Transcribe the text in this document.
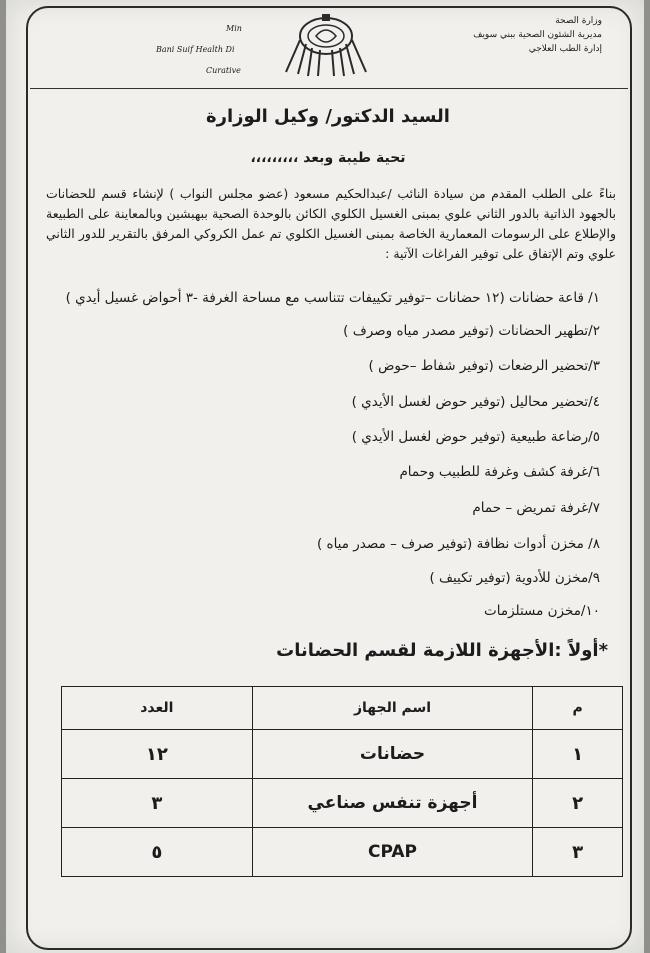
وزارة الصحة
مديرية الشئون الصحية ببني سويف
إدارة الطب العلاجي
Min
Bani Suif Health Di
Curative
السيد الدكتور/ وكيل الوزارة
تحية طيبة وبعد ،،،،،،،،،
بناءً على الطلب المقدم من سيادة النائب /عبدالحكيم مسعود (عضو مجلس النواب ) لإنشاء قسم للحضانات بالجهود الذاتية بالدور الثاني علوي بمبنى الغسيل الكلوي الكائن بالوحدة الصحية ببهبشين وبالمعاينة على الطبيعة والإطلاع على الرسومات المعمارية الخاصة بمبنى الغسيل الكلوي تم عمل الكروكي المرفق بالتقرير للدور الثاني علوي وتم الإتفاق على توفير الفراغات الآتية :
١/ قاعة حضانات (١٢ حضانات –توفير تكييفات تتناسب مع مساحة الغرفة -٣ أحواض غسيل أيدي )
٢/تطهير الحضانات (توفير مصدر مياه وصرف )
٣/تحضير الرضعات (توفير شفاط –حوض )
٤/تحضير محاليل (توفير حوض لغسل الأيدي )
٥/رضاعة طبيعية (توفير حوض لغسل الأيدي )
٦/غرفة كشف وغرفة للطبيب وحمام
٧/غرفة تمريض – حمام
٨/ مخزن أدوات نظافة (توفير صرف – مصدر مياه )
٩/مخزن للأدوية (توفير تكييف )
١٠/مخزن مستلزمات
*أولاً :الأجهزة اللازمة لقسم الحضانات
م	اسم الجهاز	العدد
١	حضانات	١٢
٢	أجهزة تنفس صناعي	٣
٣	CPAP	٥
